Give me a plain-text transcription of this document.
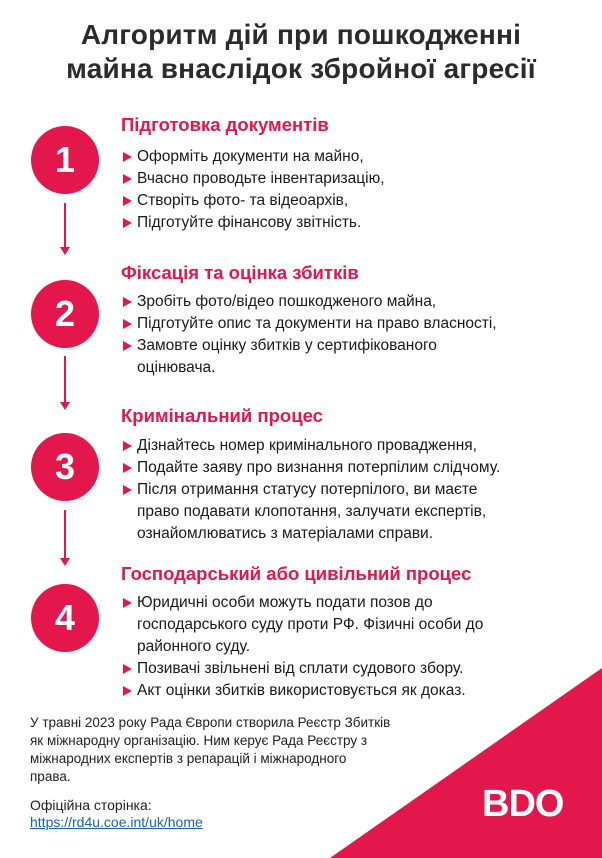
Алгоритм дій при пошкодженні
майна внаслідок збройної агресії
1
Підготовка документів
Оформіть документи на майно,
Вчасно проводьте інвентаризацію,
Створіть фото- та відеоархів,
Підготуйте фінансову звітність.
2
Фіксація та оцінка збитків
Зробіть фото/відео пошкодженого майна,
Підготуйте опис та документи на право власності,
Замовте оцінку збитків у сертифікованого
оцінювача.
3
Кримінальний процес
Дізнайтесь номер кримінального провадження,
Подайте заяву про визнання потерпілим слідчому.
Після отримання статусу потерпілого, ви маєте
право подавати клопотання, залучати експертів,
ознайомлюватись з матеріалами справи.
4
Господарський або цивільний процес
Юридичні особи можуть подати позов до
господарського суду проти РФ. Фізичні особи до
районного суду.
Позивачі звільнені від сплати судового збору.
Акт оцінки збитків використовується як доказ.
У травні 2023 року Рада Європи створила Реєстр Збитків
як міжнародну організацію. Ним керує Рада Реєстру з
міжнародних експертів з репарацій і міжнародного
права.
Офіційна сторінка:
https://rd4u.coe.int/uk/home	BDO
